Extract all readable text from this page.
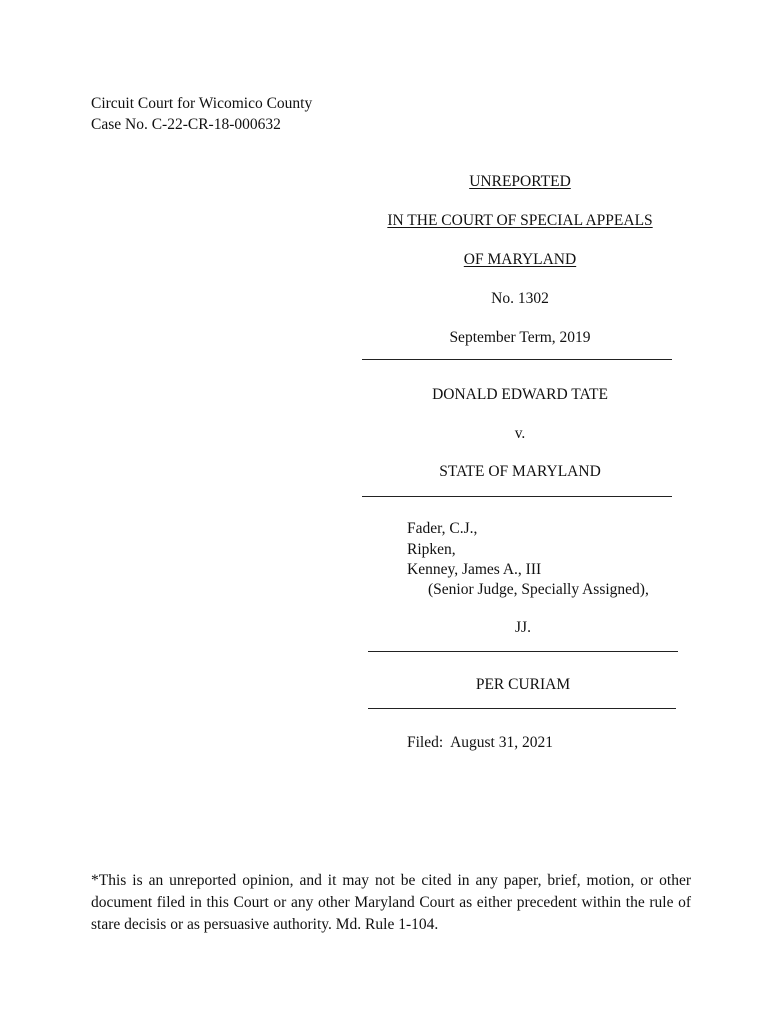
Circuit Court for Wicomico County
Case No. C-22-CR-18-000632
UNREPORTED
IN THE COURT OF SPECIAL APPEALS
OF MARYLAND
No. 1302
September Term, 2019
DONALD EDWARD TATE
v.
STATE OF MARYLAND
Fader, C.J.,
Ripken,
Kenney, James A., III
(Senior Judge, Specially Assigned),
JJ.
PER CURIAM
Filed:  August 31, 2021
*This is an unreported opinion, and it may not be cited in any paper, brief, motion, or other document filed in this Court or any other Maryland Court as either precedent within the rule of stare decisis or as persuasive authority. Md. Rule 1-104.
